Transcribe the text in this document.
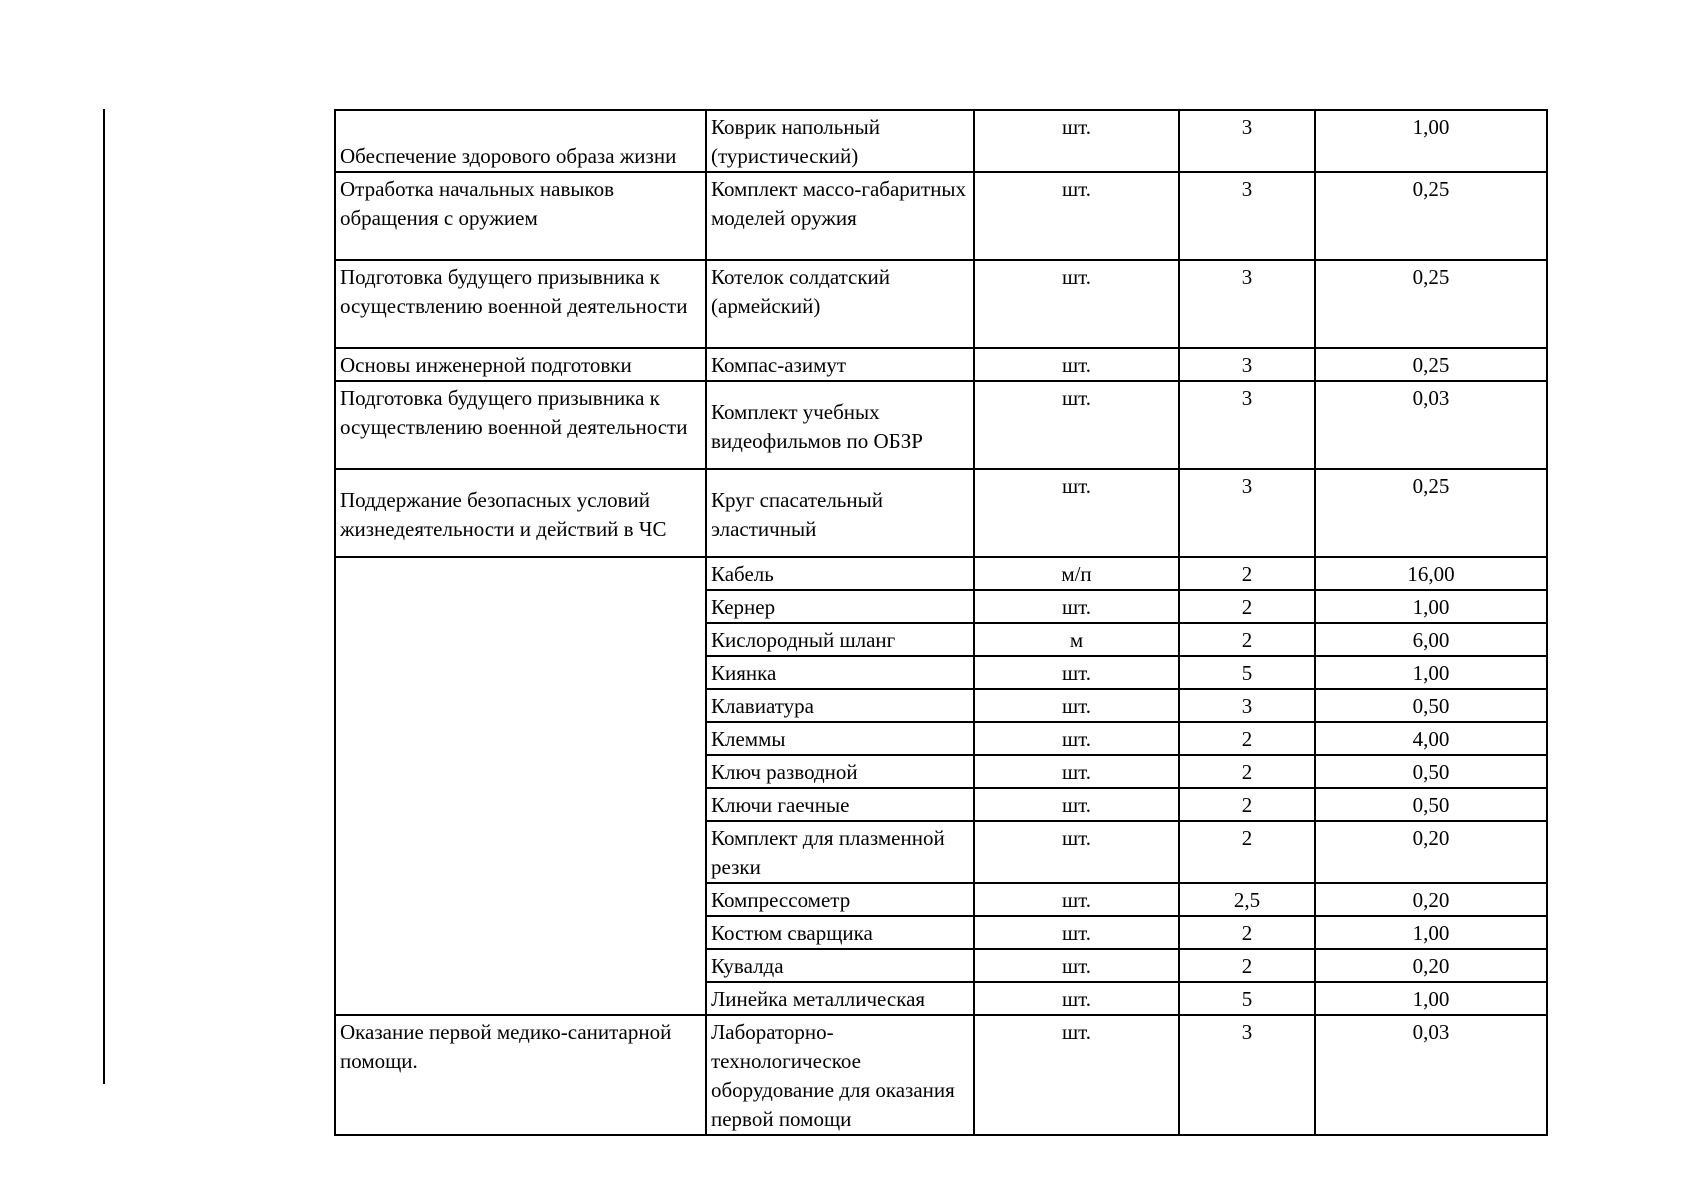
Обеспечение здорового образа жизни	Коврик напольный (туристический)	шт.	3	1,00
Отработка начальных навыков обращения с оружием	Комплект массо-габаритных моделей оружия	шт.	3	0,25
Подготовка будущего призывника к осуществлению военной деятельности	Котелок солдатский (армейский)	шт.	3	0,25
Основы инженерной подготовки	Компас-азимут	шт.	3	0,25
Подготовка будущего призывника к осуществлению военной деятельности	Комплект учебных видеофильмов по ОБЗР	шт.	3	0,03
Поддержание безопасных условий жизнедеятельности и действий в ЧС	Круг спасательный эластичный	шт.	3	0,25
	Кабель	м/п	2	16,00
	Кернер	шт.	2	1,00
	Кислородный шланг	м	2	6,00
	Киянка	шт.	5	1,00
	Клавиатура	шт.	3	0,50
	Клеммы	шт.	2	4,00
	Ключ разводной	шт.	2	0,50
	Ключи гаечные	шт.	2	0,50
	Комплект для плазменной резки	шт.	2	0,20
	Компрессометр	шт.	2,5	0,20
	Костюм сварщика	шт.	2	1,00
	Кувалда	шт.	2	0,20
	Линейка металлическая	шт.	5	1,00
Оказание первой медико-санитарной помощи.	Лабораторно-технологическое оборудование для оказания первой помощи	шт.	3	0,03
